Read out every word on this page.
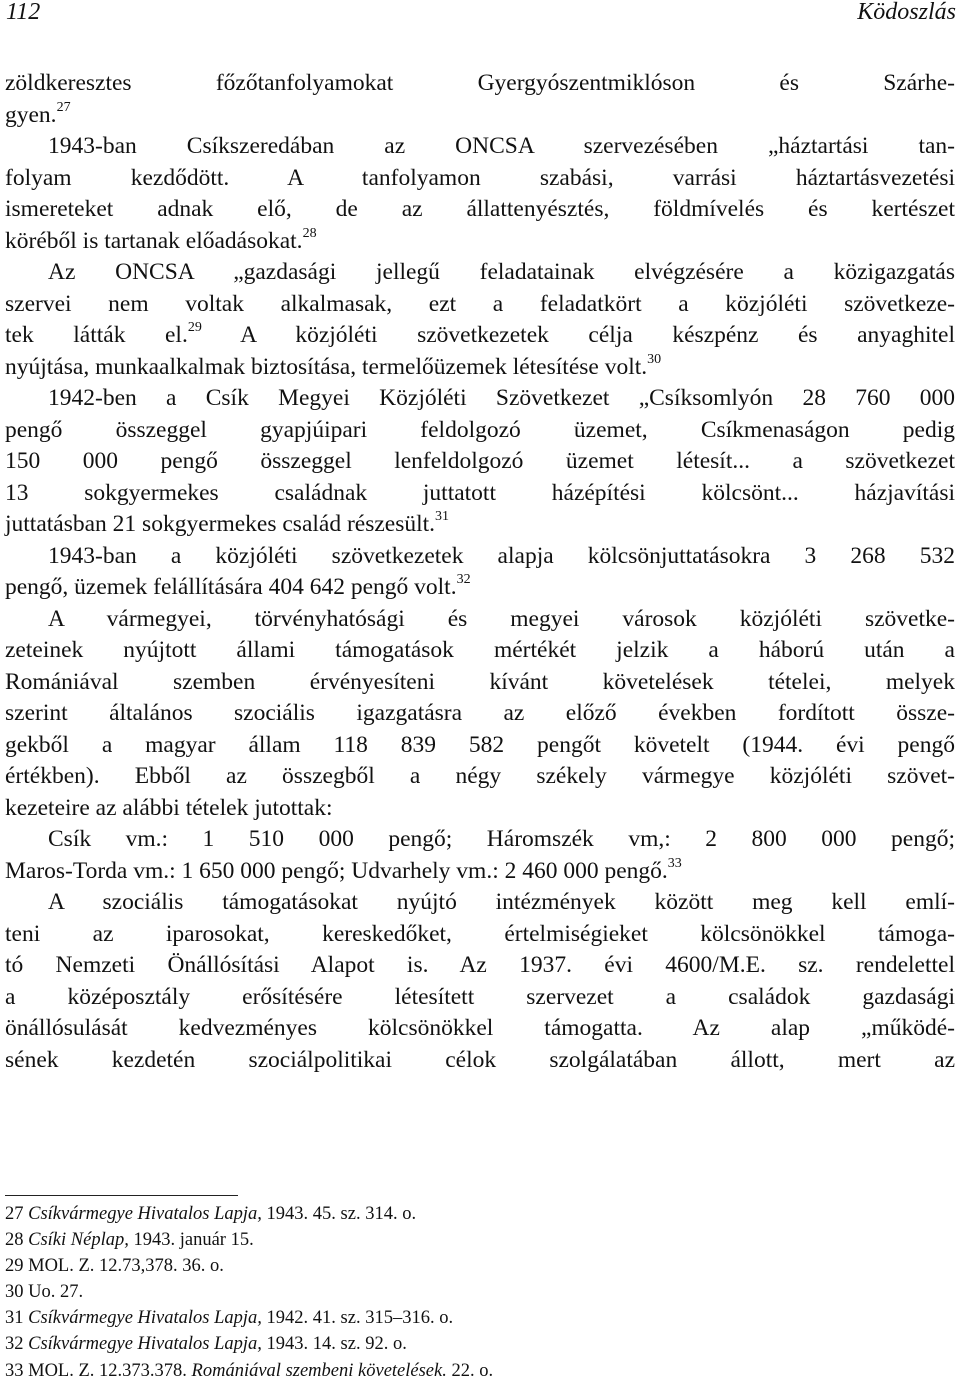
112	Ködoszlás
zöldkeresztes főzőtanfolyamokat Gyergyószentmiklóson és Szárhe-
gyen.$^{27}$
1943-ban Csíkszeredában az ONCSA szervezésében „háztartási tan-
folyam kezdődött. A tanfolyamon szabási, varrási háztartásvezetési
ismereteket adnak elő, de az állattenyésztés, földmívelés és kertészet
köréből is tartanak előadásokat.$^{28}$
Az ONCSA „gazdasági jellegű feladatainak elvégzésére a közigazgatás
szervei nem voltak alkalmasak, ezt a feladatkört a közjóléti szövetkeze-
tek látták el.$^{29}$ A közjóléti szövetkezetek célja készpénz és anyaghitel
nyújtása, munkaalkalmak biztosítása, termelőüzemek létesítése volt.$^{30}$
1942-ben a Csík Megyei Közjóléti Szövetkezet „Csíksomlyón 28 760 000
pengő összeggel gyapjúipari feldolgozó üzemet, Csíkmenaságon pedig
150 000 pengő összeggel lenfeldolgozó üzemet létesít... a szövetkezet
13 sokgyermekes családnak juttatott házépítési kölcsönt... házjavítási
juttatásban 21 sokgyermekes család részesült.$^{31}$
1943-ban a közjóléti szövetkezetek alapja kölcsönjuttatásokra 3 268 532
pengő, üzemek felállítására 404 642 pengő volt.$^{32}$
A vármegyei, törvényhatósági és megyei városok közjóléti szövetke-
zeteinek nyújtott állami támogatások mértékét jelzik a háború után a
Romániával szemben érvényesíteni kívánt követelések tételei, melyek
szerint általános szociális igazgatásra az előző években fordított össze-
gekből a magyar állam 118 839 582 pengőt követelt (1944. évi pengő
értékben). Ebből az összegből a négy székely vármegye közjóléti szövet-
kezeteire az alábbi tételek jutottak:
Csík vm.: 1 510 000 pengő; Háromszék vm,: 2 800 000 pengő;
Maros-Torda vm.: 1 650 000 pengő; Udvarhely vm.: 2 460 000 pengő.$^{33}$
A szociális támogatásokat nyújtó intézmények között meg kell emlí-
teni az iparosokat, kereskedőket, értelmiségieket kölcsönökkel támoga-
tó Nemzeti Önállósítási Alapot is. Az 1937. évi 4600/M.E. sz. rendelettel
a középosztály erősítésére létesített szervezet a családok gazdasági
önállósulását kedvezményes kölcsönökkel támogatta. Az alap „működé-
sének kezdetén szociálpolitikai célok szolgálatában állott, mert az
27 Csíkvármegye Hivatalos Lapja, 1943. 45. sz. 314. o.
28 Csíki Néplap, 1943. január 15.
29 MOL. Z. 12.73,378. 36. o.
30 Uo. 27.
31 Csíkvármegye Hivatalos Lapja, 1942. 41. sz. 315–316. o.
32 Csíkvármegye Hivatalos Lapja, 1943. 14. sz. 92. o.
33 MOL. Z. 12.373.378. Romániával szembeni követelések. 22. o.
